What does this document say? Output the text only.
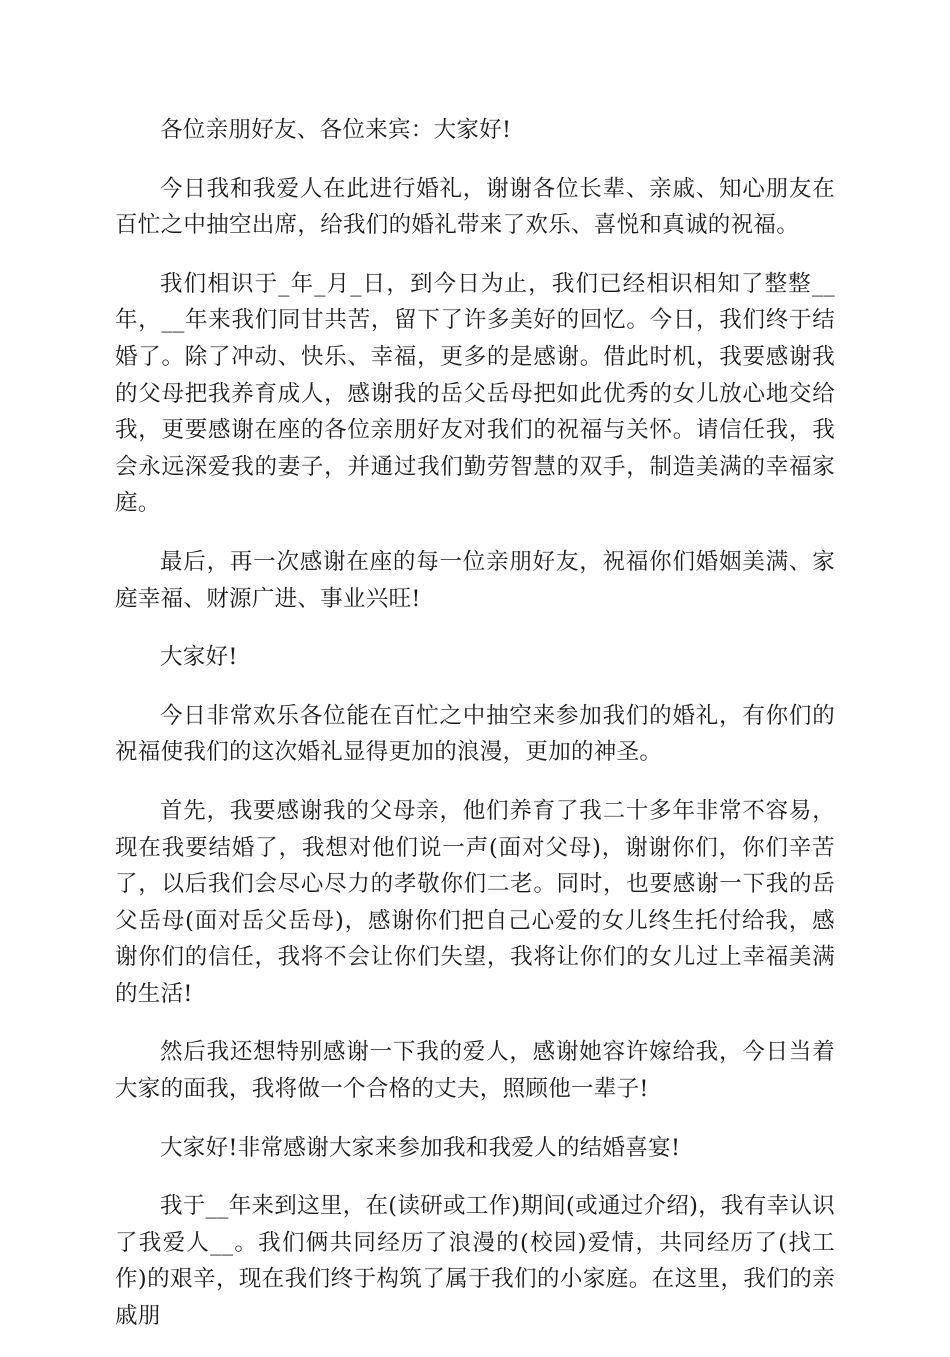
各位亲朋好友、各位来宾：大家好!

今日我和我爱人在此进行婚礼，谢谢各位长辈、亲戚、知心朋友在百忙之中抽空出席，给我们的婚礼带来了欢乐、喜悦和真诚的祝福。

我们相识于_年_月_日，到今日为止，我们已经相识相知了整整__年，__年来我们同甘共苦，留下了许多美好的回忆。今日，我们终于结婚了。除了冲动、快乐、幸福，更多的是感谢。借此时机，我要感谢我的父母把我养育成人，感谢我的岳父岳母把如此优秀的女儿放心地交给我，更要感谢在座的各位亲朋好友对我们的祝福与关怀。请信任我，我会永远深爱我的妻子，并通过我们勤劳智慧的双手，制造美满的幸福家庭。

最后，再一次感谢在座的每一位亲朋好友，祝福你们婚姻美满、家庭幸福、财源广进、事业兴旺!

大家好!

今日非常欢乐各位能在百忙之中抽空来参加我们的婚礼，有你们的祝福使我们的这次婚礼显得更加的浪漫，更加的神圣。

首先，我要感谢我的父母亲，他们养育了我二十多年非常不容易，现在我要结婚了，我想对他们说一声(面对父母)，谢谢你们，你们辛苦了，以后我们会尽心尽力的孝敬你们二老。同时，也要感谢一下我的岳父岳母(面对岳父岳母)，感谢你们把自己心爱的女儿终生托付给我，感谢你们的信任，我将不会让你们失望，我将让你们的女儿过上幸福美满的生活!

然后我还想特别感谢一下我的爱人，感谢她容许嫁给我，今日当着大家的面我，我将做一个合格的丈夫，照顾他一辈子!

大家好!非常感谢大家来参加我和我爱人的结婚喜宴!

我于__年来到这里，在(读研或工作)期间(或通过介绍)，我有幸认识了我爱人__。我们俩共同经历了浪漫的(校园)爱情，共同经历了(找工作)的艰辛，现在我们终于构筑了属于我们的小家庭。在这里，我们的亲戚朋
